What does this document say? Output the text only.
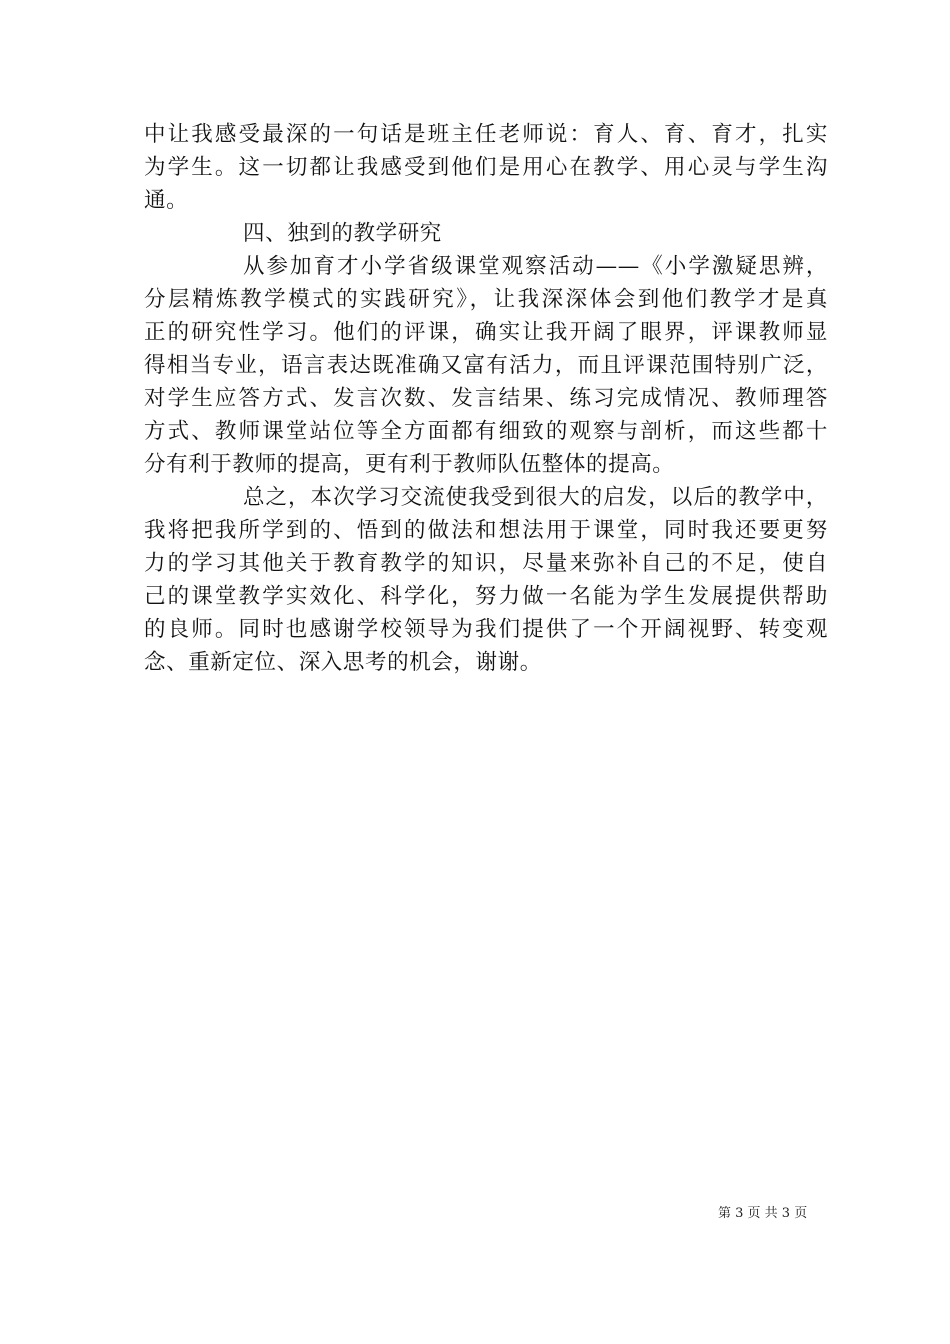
中让我感受最深的一句话是班主任老师说：育人、育、育才，扎实
为学生。这一切都让我感受到他们是用心在教学、用心灵与学生沟
通。
四、独到的教学研究
从参加育才小学省级课堂观察活动——《小学激疑思辨，
分层精炼教学模式的实践研究》，让我深深体会到他们教学才是真
正的研究性学习。他们的评课，确实让我开阔了眼界，评课教师显
得相当专业，语言表达既准确又富有活力，而且评课范围特别广泛，
对学生应答方式、发言次数、发言结果、练习完成情况、教师理答
方式、教师课堂站位等全方面都有细致的观察与剖析，而这些都十
分有利于教师的提高，更有利于教师队伍整体的提高。
总之，本次学习交流使我受到很大的启发，以后的教学中，
我将把我所学到的、悟到的做法和想法用于课堂，同时我还要更努
力的学习其他关于教育教学的知识，尽量来弥补自己的不足，使自
己的课堂教学实效化、科学化，努力做一名能为学生发展提供帮助
的良师。同时也感谢学校领导为我们提供了一个开阔视野、转变观
念、重新定位、深入思考的机会，谢谢。
第 3 页 共 3 页
